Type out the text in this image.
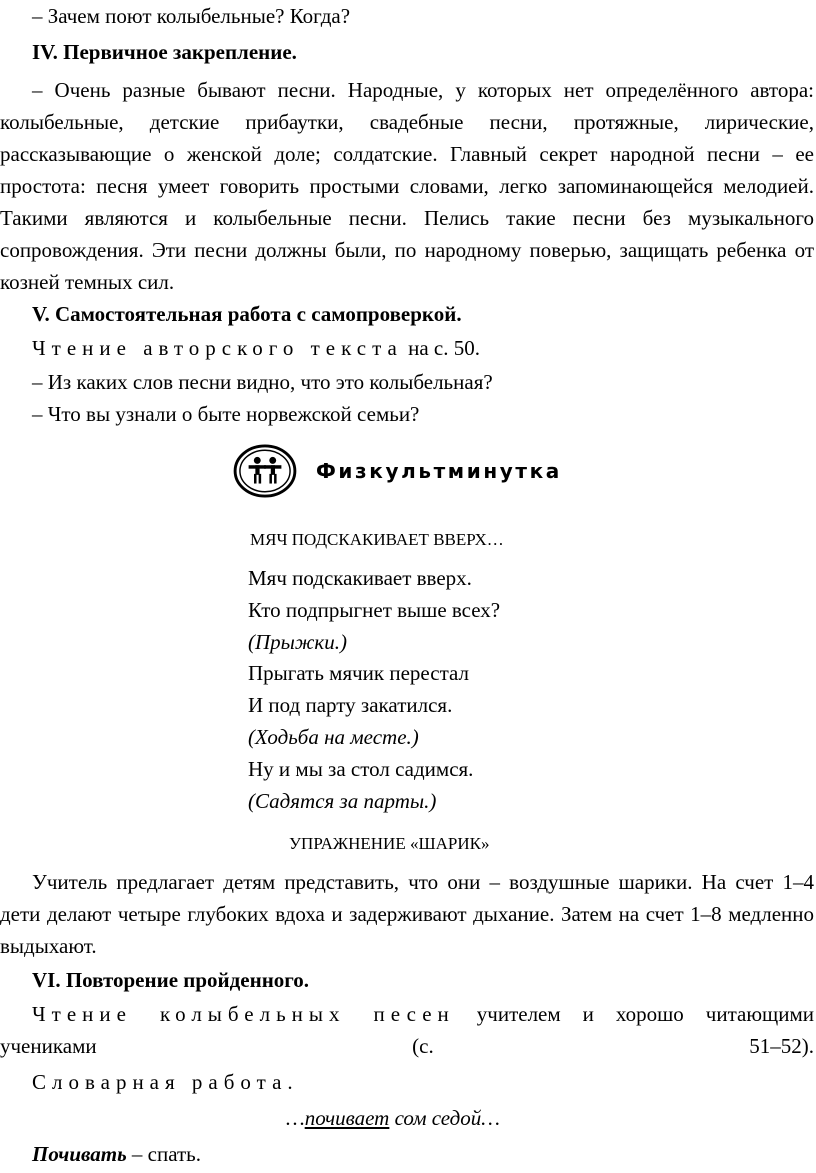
– Зачем поют колыбельные? Когда?

IV. Первичное закрепление.

– Очень разные бывают песни. Народные, у которых нет определённого автора: колыбельные, детские прибаутки, свадебные песни, протяжные, лирические, рассказывающие о женской доле; солдатские. Главный секрет народной песни – ее простота: песня умеет говорить простыми словами, легко запоминающейся мелодией. Такими являются и колыбельные песни. Пелись такие песни без музыкального сопровождения. Эти песни должны были, по народному поверью, защищать ребенка от козней темных сил.

V. Самостоятельная работа с самопроверкой.

Чтение авторского текста на с. 50.

– Из каких слов песни видно, что это колыбельная?

– Что вы узнали о быте норвежской семьи?

Физкультминутка

МЯЧ ПОДСКАКИВАЕТ ВВЕРХ…

Мяч подскакивает вверх.

Кто подпрыгнет выше всех?

(Прыжки.)

Прыгать мячик перестал

И под парту закатился.

(Ходьба на месте.)

Ну и мы за стол садимся.

(Садятся за парты.)

УПРАЖНЕНИЕ «ШАРИК»

Учитель предлагает детям представить, что они – воздушные шарики. На счет 1–4 дети делают четыре глубоких вдоха и задерживают дыхание. Затем на счет 1–8 медленно выдыхают.

VI. Повторение пройденного.

Чтение колыбельных песен учителем и хорошо читающими учениками (с. 51–52).

Словарная работа.

…почивает сом седой…

Почивать – спать.
